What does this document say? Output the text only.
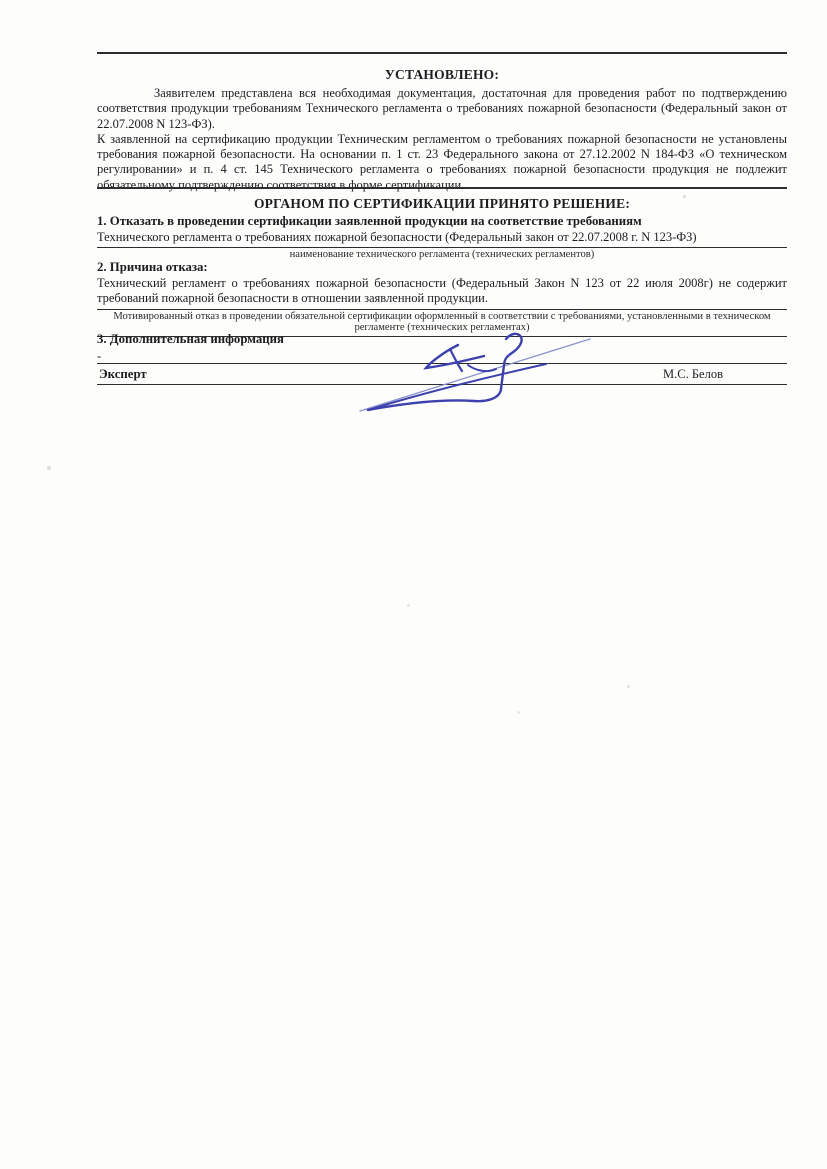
УСТАНОВЛЕНО:

Заявителем представлена вся необходимая документация, достаточная для проведения работ по подтверждению соответствия продукции требованиям Технического регламента о требованиях пожарной безопасности (Федеральный закон от 22.07.2008 N 123-ФЗ).

К заявленной на сертификацию продукции Техническим регламентом о требованиях пожарной безопасности не установлены требования пожарной безопасности. На основании п. 1 ст. 23 Федерального закона от 27.12.2002 N 184-ФЗ «О техническом регулировании» и п. 4 ст. 145 Технического регламента о требованиях пожарной безопасности продукция не подлежит обязательному подтверждению соответствия в форме сертификации.

ОРГАНОМ ПО СЕРТИФИКАЦИИ ПРИНЯТО РЕШЕНИЕ:

1. Отказать в проведении сертификации заявленной продукции на соответствие требованиям

Технического регламента о требованиях пожарной безопасности (Федеральный закон от 22.07.2008 г. N 123-ФЗ)

наименование технического регламента (технических регламентов)

2. Причина отказа:

Технический регламент о требованиях пожарной безопасности (Федеральный Закон N 123 от 22 июля 2008г) не содержит требований пожарной безопасности в отношении заявленной продукции.

Мотивированный отказ в проведении обязательной сертификации оформленный в соответствии с требованиями, установленными в техническом регламенте (технических регламентах)

3. Дополнительная информация

-

Эксперт	М.С. Белов
